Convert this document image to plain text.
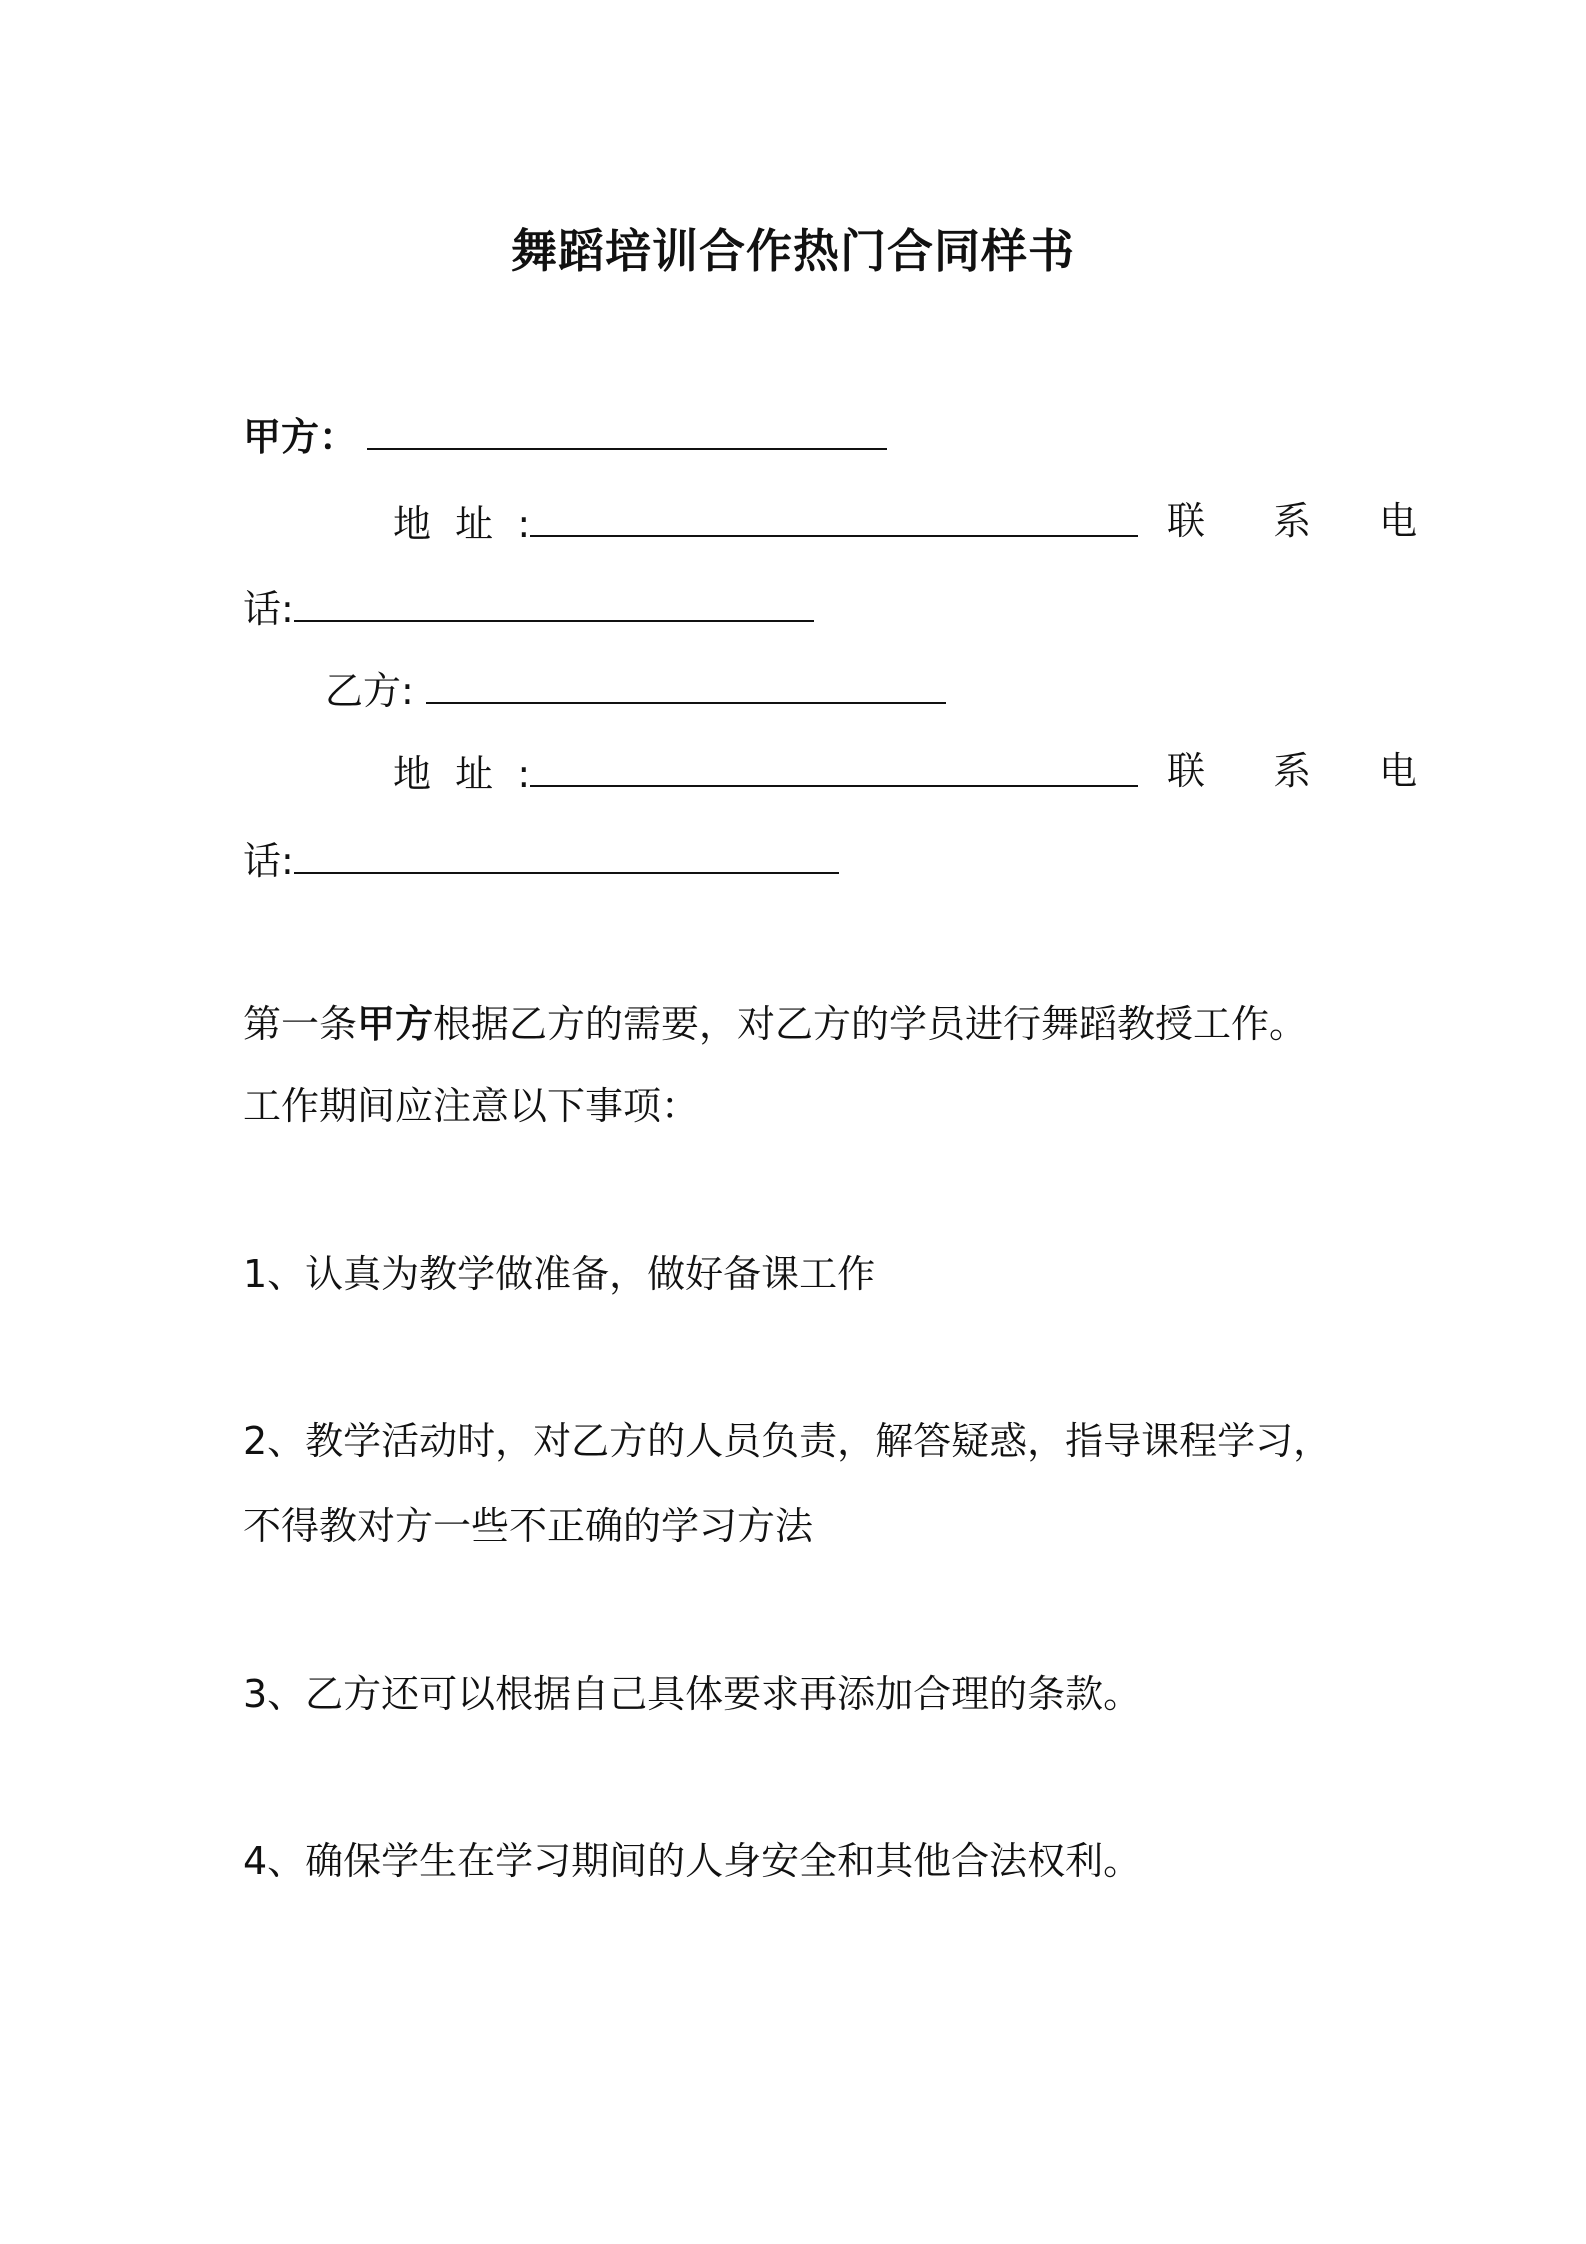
舞蹈培训合作热门合同样书
甲方：
地  址  :	联 系 电
话:
乙方:
地  址  :	联 系 电
话:
第一条甲方根据乙方的需要，对乙方的学员进行舞蹈教授工作。
工作期间应注意以下事项：
1、认真为教学做准备，做好备课工作
2、教学活动时，对乙方的人员负责，解答疑惑，指导课程学习，
不得教对方一些不正确的学习方法
3、乙方还可以根据自己具体要求再添加合理的条款。
4、确保学生在学习期间的人身安全和其他合法权利。
